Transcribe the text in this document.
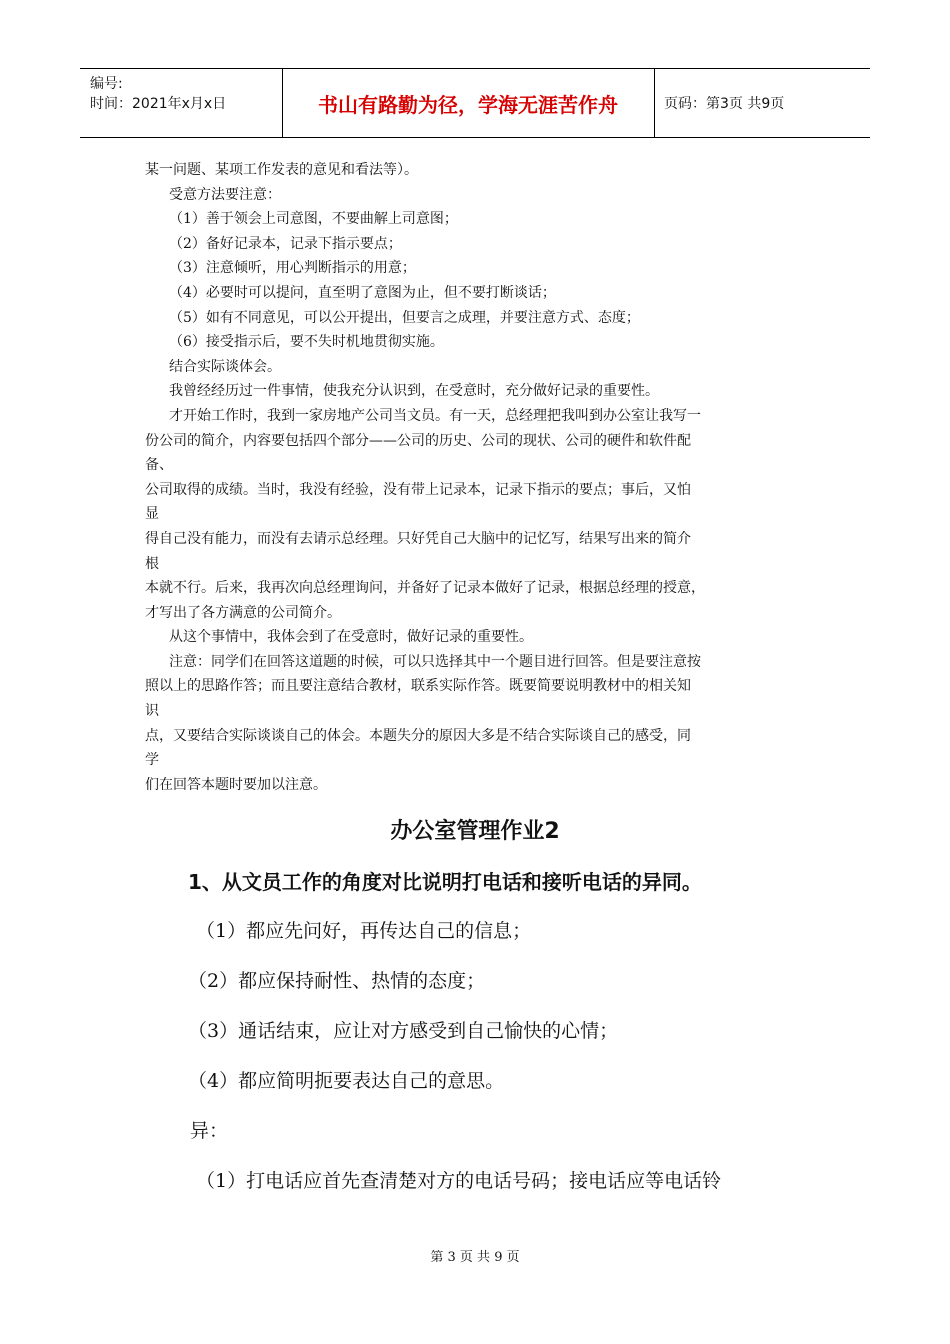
编号:
时间：2021年x月x日	书山有路勤为径，学海无涯苦作舟	页码：第3页 共9页

某一问题、某项工作发表的意见和看法等）。

受意方法要注意：

（1）善于领会上司意图，不要曲解上司意图；

（2）备好记录本，记录下指示要点；

（3）注意倾听，用心判断指示的用意；

（4）必要时可以提问，直至明了意图为止，但不要打断谈话；

（5）如有不同意见，可以公开提出，但要言之成理，并要注意方式、态度；

（6）接受指示后，要不失时机地贯彻实施。

结合实际谈体会。

我曾经经历过一件事情，使我充分认识到，在受意时，充分做好记录的重要性。

才开始工作时，我到一家房地产公司当文员。有一天，总经理把我叫到办公室让我写一

份公司的简介，内容要包括四个部分——公司的历史、公司的现状、公司的硬件和软件配

备、

公司取得的成绩。当时，我没有经验，没有带上记录本，记录下指示的要点；事后，又怕

显

得自己没有能力，而没有去请示总经理。只好凭自己大脑中的记忆写，结果写出来的简介

根

本就不行。后来，我再次向总经理询问，并备好了记录本做好了记录，根据总经理的授意，

才写出了各方满意的公司简介。

从这个事情中，我体会到了在受意时，做好记录的重要性。

注意：同学们在回答这道题的时候，可以只选择其中一个题目进行回答。但是要注意按

照以上的思路作答；而且要注意结合教材，联系实际作答。既要简要说明教材中的相关知

识

点，又要结合实际谈谈自己的体会。本题失分的原因大多是不结合实际谈自己的感受，同

学

们在回答本题时要加以注意。

办公室管理作业2
1、从文员工作的角度对比说明打电话和接听电话的异同。
（1）都应先问好，再传达自己的信息；
（2）都应保持耐性、热情的态度；
（3）通话结束，应让对方感受到自己愉快的心情；
（4）都应简明扼要表达自己的意思。
异：
（1）打电话应首先查清楚对方的电话号码；接电话应等电话铃
第 3 页 共 9 页
